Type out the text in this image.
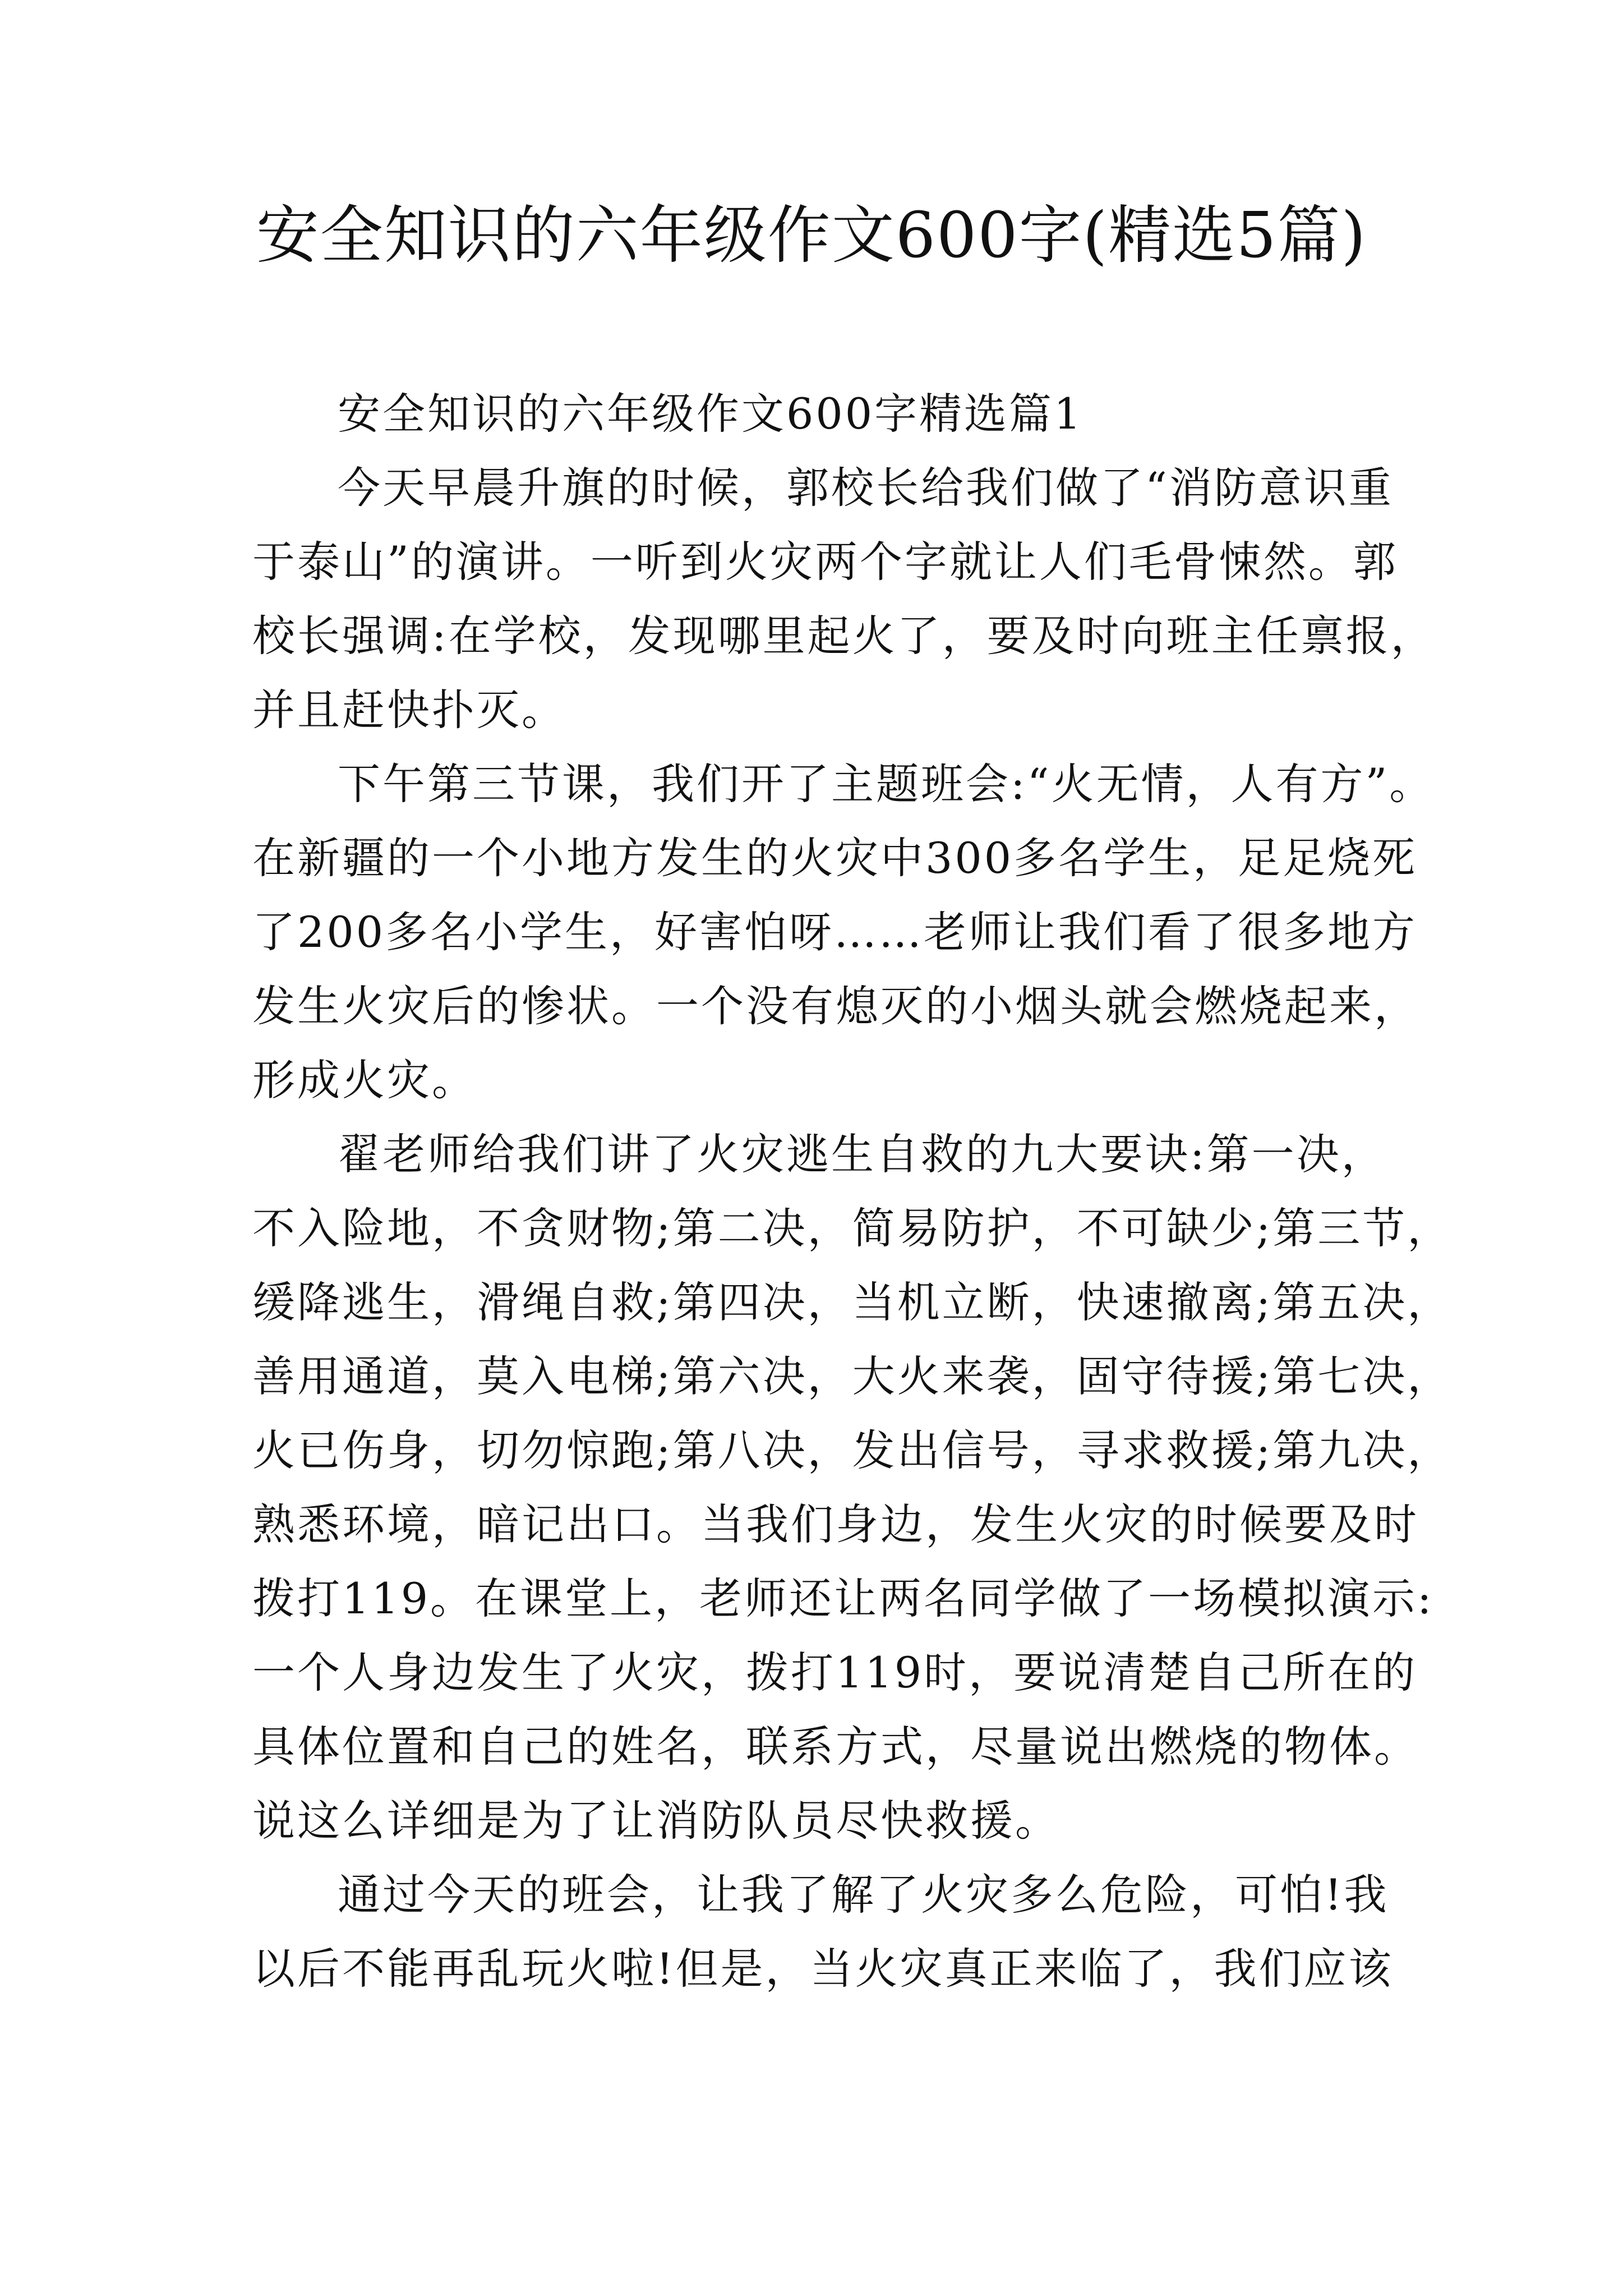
安全知识的六年级作文600字(精选5篇)
安全知识的六年级作文600字精选篇1
今天早晨升旗的时候，郭校长给我们做了“消防意识重
于泰山”的演讲。一听到火灾两个字就让人们毛骨悚然。郭
校长强调:在学校，发现哪里起火了，要及时向班主任禀报，
并且赶快扑灭。
下午第三节课，我们开了主题班会:“火无情，人有方”。
在新疆的一个小地方发生的火灾中300多名学生，足足烧死
了200多名小学生，好害怕呀……老师让我们看了很多地方
发生火灾后的惨状。一个没有熄灭的小烟头就会燃烧起来，
形成火灾。
翟老师给我们讲了火灾逃生自救的九大要诀:第一决，
不入险地，不贪财物;第二决，简易防护，不可缺少;第三节，
缓降逃生，滑绳自救;第四决，当机立断，快速撤离;第五决，
善用通道，莫入电梯;第六决，大火来袭，固守待援;第七决，
火已伤身，切勿惊跑;第八决，发出信号，寻求救援;第九决，
熟悉环境，暗记出口。当我们身边，发生火灾的时候要及时
拨打119。在课堂上，老师还让两名同学做了一场模拟演示:
一个人身边发生了火灾，拨打119时，要说清楚自己所在的
具体位置和自己的姓名，联系方式，尽量说出燃烧的物体。
说这么详细是为了让消防队员尽快救援。
通过今天的班会，让我了解了火灾多么危险，可怕!我
以后不能再乱玩火啦!但是，当火灾真正来临了，我们应该
